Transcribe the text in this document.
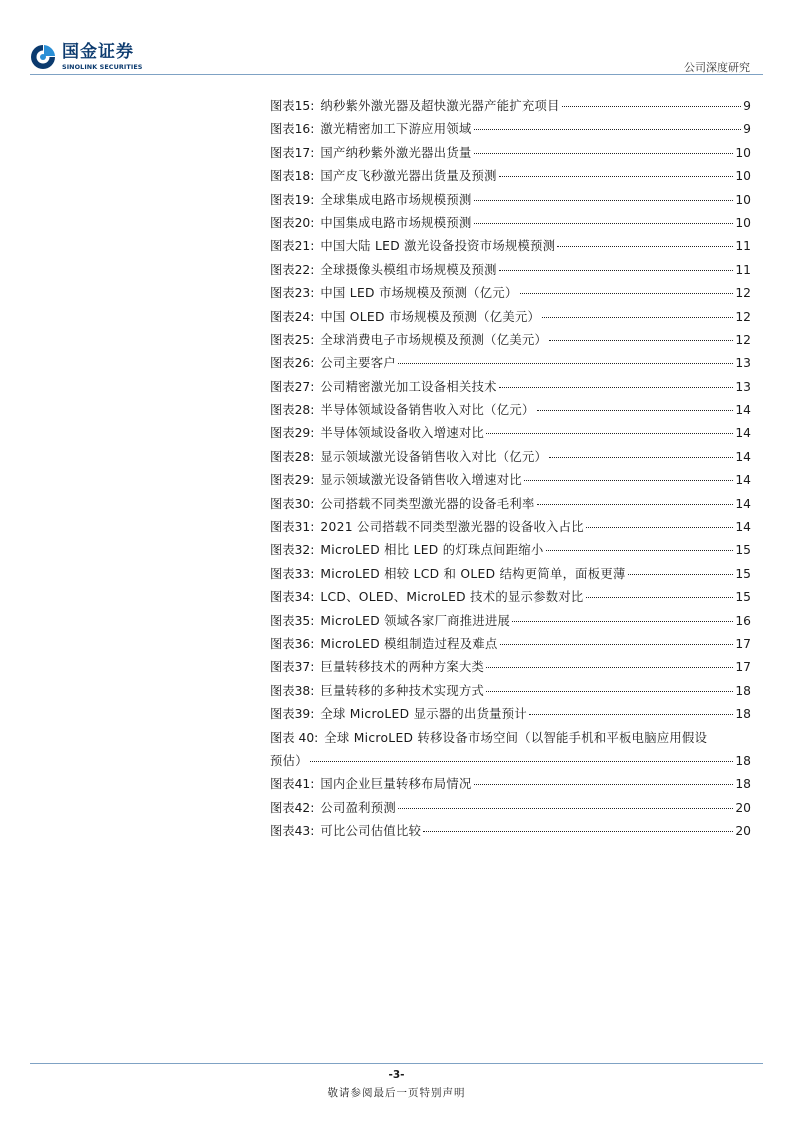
国金证券
SINOLINK SECURITIES	公司深度研究
图表15: 纳秒紫外激光器及超快激光器产能扩充项目	9
图表16: 激光精密加工下游应用领域	9
图表17: 国产纳秒紫外激光器出货量	10
图表18: 国产皮飞秒激光器出货量及预测	10
图表19: 全球集成电路市场规模预测	10
图表20: 中国集成电路市场规模预测	10
图表21: 中国大陆 LED 激光设备投资市场规模预测	11
图表22: 全球摄像头模组市场规模及预测	11
图表23: 中国 LED 市场规模及预测（亿元）	12
图表24: 中国 OLED 市场规模及预测（亿美元）	12
图表25: 全球消费电子市场规模及预测（亿美元）	12
图表26: 公司主要客户	13
图表27: 公司精密激光加工设备相关技术	13
图表28: 半导体领域设备销售收入对比（亿元）	14
图表29: 半导体领域设备收入增速对比	14
图表28: 显示领域激光设备销售收入对比（亿元）	14
图表29: 显示领域激光设备销售收入增速对比	14
图表30: 公司搭载不同类型激光器的设备毛利率	14
图表31: 2021 公司搭载不同类型激光器的设备收入占比	14
图表32: MicroLED 相比 LED 的灯珠点间距缩小	15
图表33: MicroLED 相较 LCD 和 OLED 结构更简单，面板更薄	15
图表34: LCD、OLED、MicroLED 技术的显示参数对比	15
图表35: MicroLED 领域各家厂商推进进展	16
图表36: MicroLED 模组制造过程及难点	17
图表37: 巨量转移技术的两种方案大类	17
图表38: 巨量转移的多种技术实现方式	18
图表39: 全球 MicroLED 显示器的出货量预计	18
图表 40: 全球 MicroLED 转移设备市场空间（以智能手机和平板电脑应用假设
预估）	18
图表41: 国内企业巨量转移布局情况	18
图表42: 公司盈利预测	20
图表43: 可比公司估值比较	20
-3-
敬请参阅最后一页特别声明
